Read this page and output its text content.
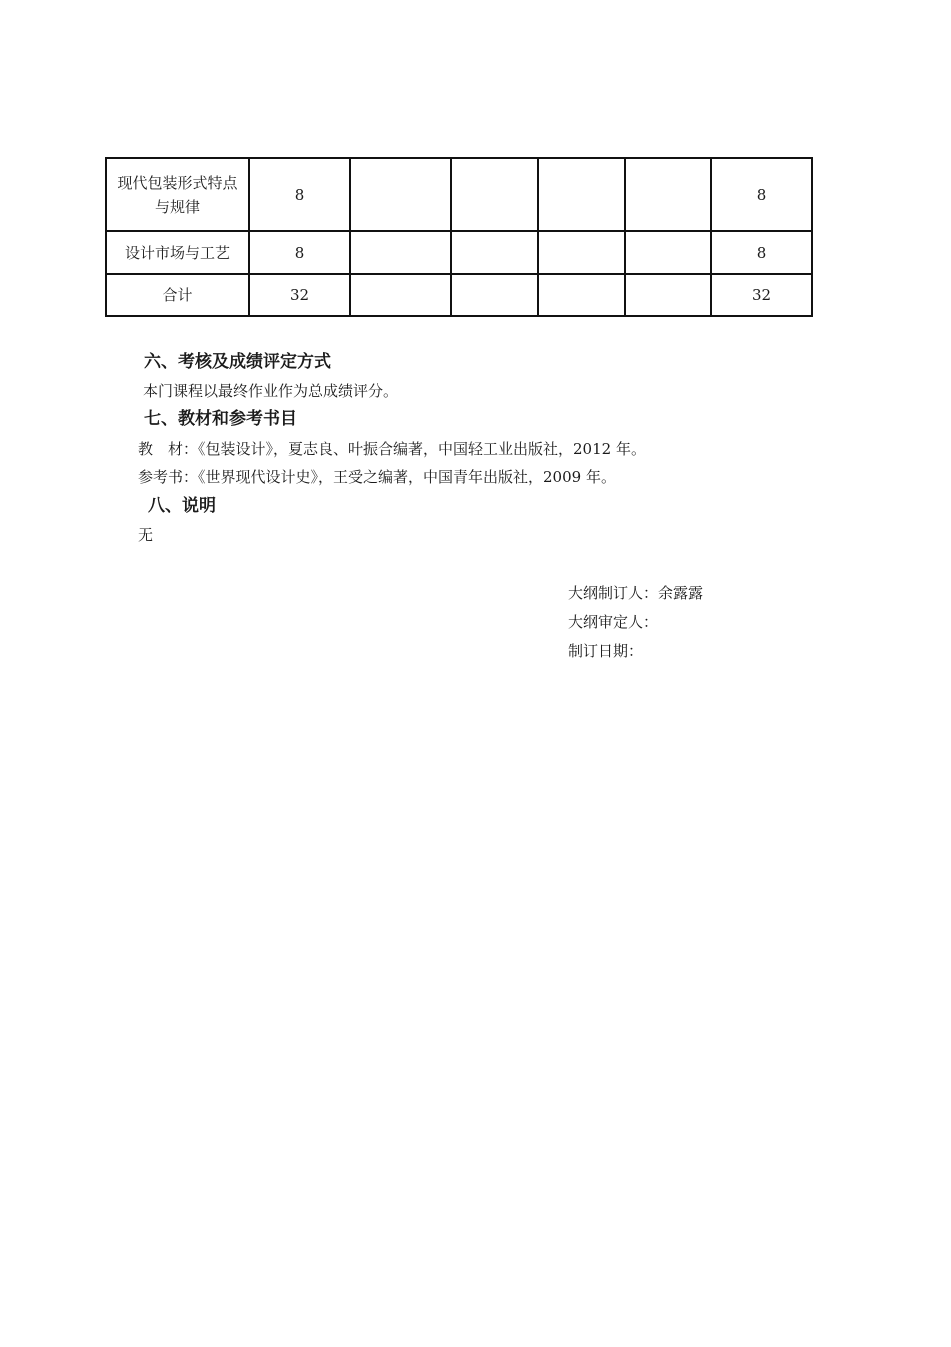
现代包装形式特点与规律	8					8
设计市场与工艺	8					8
合计	32					32
六、考核及成绩评定方式
本门课程以最终作业作为总成绩评分。
七、教材和参考书目
教　材：《包装设计》，夏志良、叶振合编著，中国轻工业出版社，2012 年。
参考书：《世界现代设计史》，王受之编著，中国青年出版社，2009 年。
八、说明
无
大纲制订人：余露露
大纲审定人：
制订日期：
